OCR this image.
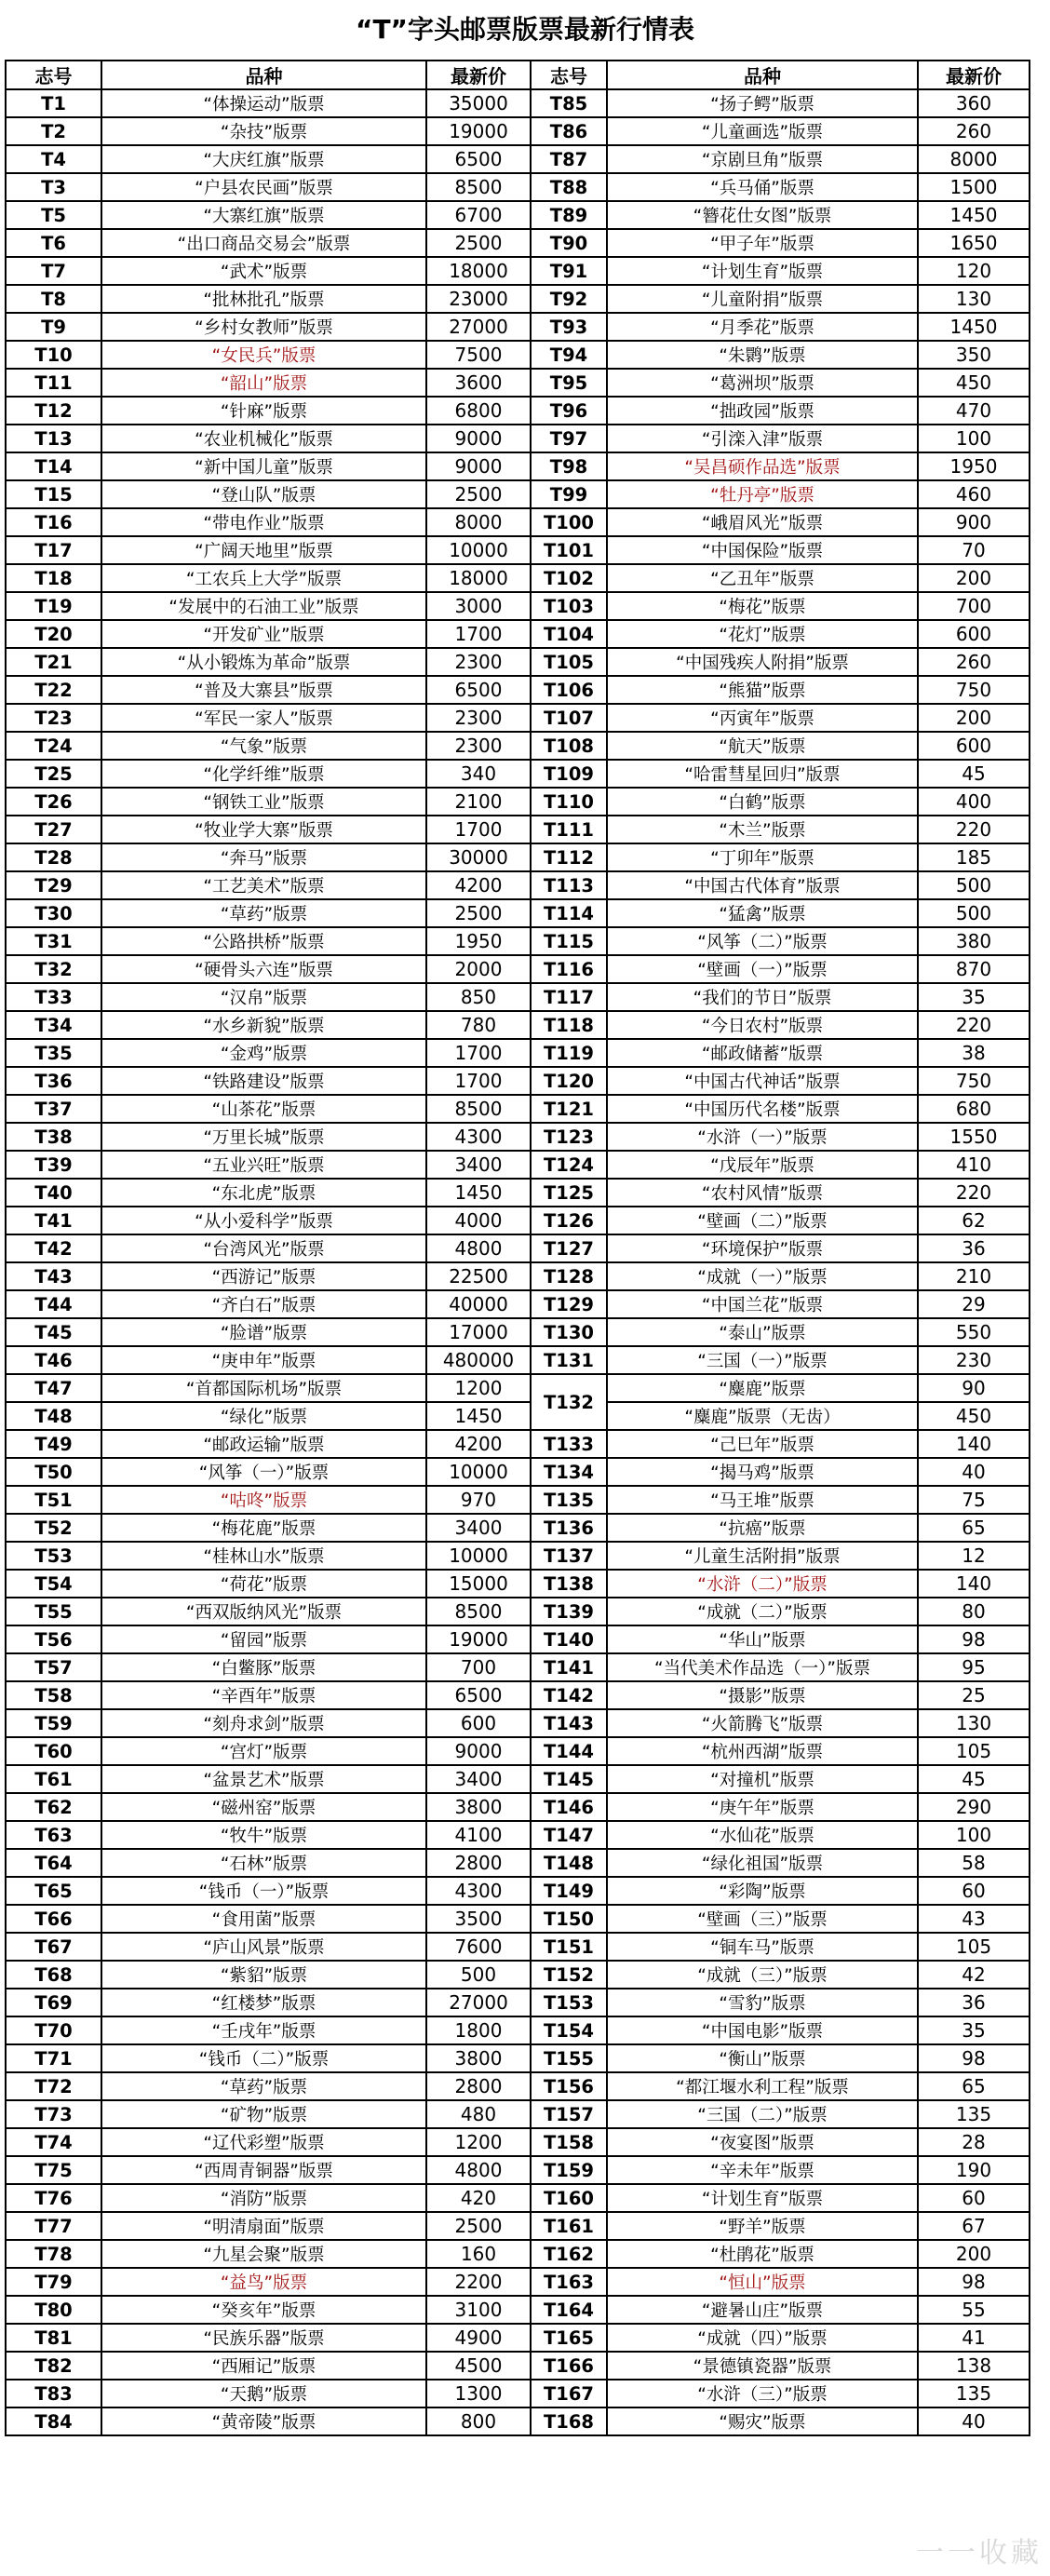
“T”字头邮票版票最新行情表
志号	品种	最新价	志号	品种	最新价
T1	“体操运动”版票	35000	T85	“扬子鳄”版票	360
T2	“杂技”版票	19000	T86	“儿童画选”版票	260
T4	“大庆红旗”版票	6500	T87	“京剧旦角”版票	8000
T3	“户县农民画”版票	8500	T88	“兵马俑”版票	1500
T5	“大寨红旗”版票	6700	T89	“簪花仕女图”版票	1450
T6	“出口商品交易会”版票	2500	T90	“甲子年”版票	1650
T7	“武术”版票	18000	T91	“计划生育”版票	120
T8	“批林批孔”版票	23000	T92	“儿童附捐”版票	130
T9	“乡村女教师”版票	27000	T93	“月季花”版票	1450
T10	“女民兵”版票	7500	T94	“朱鹮”版票	350
T11	“韶山”版票	3600	T95	“葛洲坝”版票	450
T12	“针麻”版票	6800	T96	“拙政园”版票	470
T13	“农业机械化”版票	9000	T97	“引滦入津”版票	100
T14	“新中国儿童”版票	9000	T98	“吴昌硕作品选”版票	1950
T15	“登山队”版票	2500	T99	“牡丹亭”版票	460
T16	“带电作业”版票	8000	T100	“峨眉风光”版票	900
T17	“广阔天地里”版票	10000	T101	“中国保险”版票	70
T18	“工农兵上大学”版票	18000	T102	“乙丑年”版票	200
T19	“发展中的石油工业”版票	3000	T103	“梅花”版票	700
T20	“开发矿业”版票	1700	T104	“花灯”版票	600
T21	“从小锻炼为革命”版票	2300	T105	“中国残疾人附捐”版票	260
T22	“普及大寨县”版票	6500	T106	“熊猫”版票	750
T23	“军民一家人”版票	2300	T107	“丙寅年”版票	200
T24	“气象”版票	2300	T108	“航天”版票	600
T25	“化学纤维”版票	340	T109	“哈雷彗星回归”版票	45
T26	“钢铁工业”版票	2100	T110	“白鹤”版票	400
T27	“牧业学大寨”版票	1700	T111	“木兰”版票	220
T28	“奔马”版票	30000	T112	“丁卯年”版票	185
T29	“工艺美术”版票	4200	T113	“中国古代体育”版票	500
T30	“草药”版票	2500	T114	“猛禽”版票	500
T31	“公路拱桥”版票	1950	T115	“风筝（二）”版票	380
T32	“硬骨头六连”版票	2000	T116	“壁画（一）”版票	870
T33	“汉帛”版票	850	T117	“我们的节日”版票	35
T34	“水乡新貌”版票	780	T118	“今日农村”版票	220
T35	“金鸡”版票	1700	T119	“邮政储蓄”版票	38
T36	“铁路建设”版票	1700	T120	“中国古代神话”版票	750
T37	“山茶花”版票	8500	T121	“中国历代名楼”版票	680
T38	“万里长城”版票	4300	T123	“水浒（一）”版票	1550
T39	“五业兴旺”版票	3400	T124	“戊辰年”版票	410
T40	“东北虎”版票	1450	T125	“农村风情”版票	220
T41	“从小爱科学”版票	4000	T126	“壁画（二）”版票	62
T42	“台湾风光”版票	4800	T127	“环境保护”版票	36
T43	“西游记”版票	22500	T128	“成就（一）”版票	210
T44	“齐白石”版票	40000	T129	“中国兰花”版票	29
T45	“脸谱”版票	17000	T130	“泰山”版票	550
T46	“庚申年”版票	480000	T131	“三国（一）”版票	230
T47	“首都国际机场”版票	1200	T132	“麋鹿”版票	90
T48	“绿化”版票	1450		“麋鹿”版票（无齿）	450
T49	“邮政运输”版票	4200	T133	“己巳年”版票	140
T50	“风筝（一）”版票	10000	T134	“揭马鸡”版票	40
T51	“咕咚”版票	970	T135	“马王堆”版票	75
T52	“梅花鹿”版票	3400	T136	“抗癌”版票	65
T53	“桂林山水”版票	10000	T137	“儿童生活附捐”版票	12
T54	“荷花”版票	15000	T138	“水浒（二）”版票	140
T55	“西双版纳风光”版票	8500	T139	“成就（二）”版票	80
T56	“留园”版票	19000	T140	“华山”版票	98
T57	“白鳖豚”版票	700	T141	“当代美术作品选（一）”版票	95
T58	“辛酉年”版票	6500	T142	“摄影”版票	25
T59	“刻舟求剑”版票	600	T143	“火箭腾飞”版票	130
T60	“宫灯”版票	9000	T144	“杭州西湖”版票	105
T61	“盆景艺术”版票	3400	T145	“对撞机”版票	45
T62	“磁州窑”版票	3800	T146	“庚午年”版票	290
T63	“牧牛”版票	4100	T147	“水仙花”版票	100
T64	“石林”版票	2800	T148	“绿化祖国”版票	58
T65	“钱币（一）”版票	4300	T149	“彩陶”版票	60
T66	“食用菌”版票	3500	T150	“壁画（三）”版票	43
T67	“庐山风景”版票	7600	T151	“铜车马”版票	105
T68	“紫貂”版票	500	T152	“成就（三）”版票	42
T69	“红楼梦”版票	27000	T153	“雪豹”版票	36
T70	“壬戌年”版票	1800	T154	“中国电影”版票	35
T71	“钱币（二）”版票	3800	T155	“衡山”版票	98
T72	“草药”版票	2800	T156	“都江堰水利工程”版票	65
T73	“矿物”版票	480	T157	“三国（二）”版票	135
T74	“辽代彩塑”版票	1200	T158	“夜宴图”版票	28
T75	“西周青铜器”版票	4800	T159	“辛未年”版票	190
T76	“消防”版票	420	T160	“计划生育”版票	60
T77	“明清扇面”版票	2500	T161	“野羊”版票	67
T78	“九星会聚”版票	160	T162	“杜鹃花”版票	200
T79	“益鸟”版票	2200	T163	“恒山”版票	98
T80	“癸亥年”版票	3100	T164	“避暑山庄”版票	55
T81	“民族乐器”版票	4900	T165	“成就（四）”版票	41
T82	“西厢记”版票	4500	T166	“景德镇瓷器”版票	138
T83	“天鹅”版票	1300	T167	“水浒（三）”版票	135
T84	“黄帝陵”版票	800	T168	“赐灾”版票	40
一一收藏
